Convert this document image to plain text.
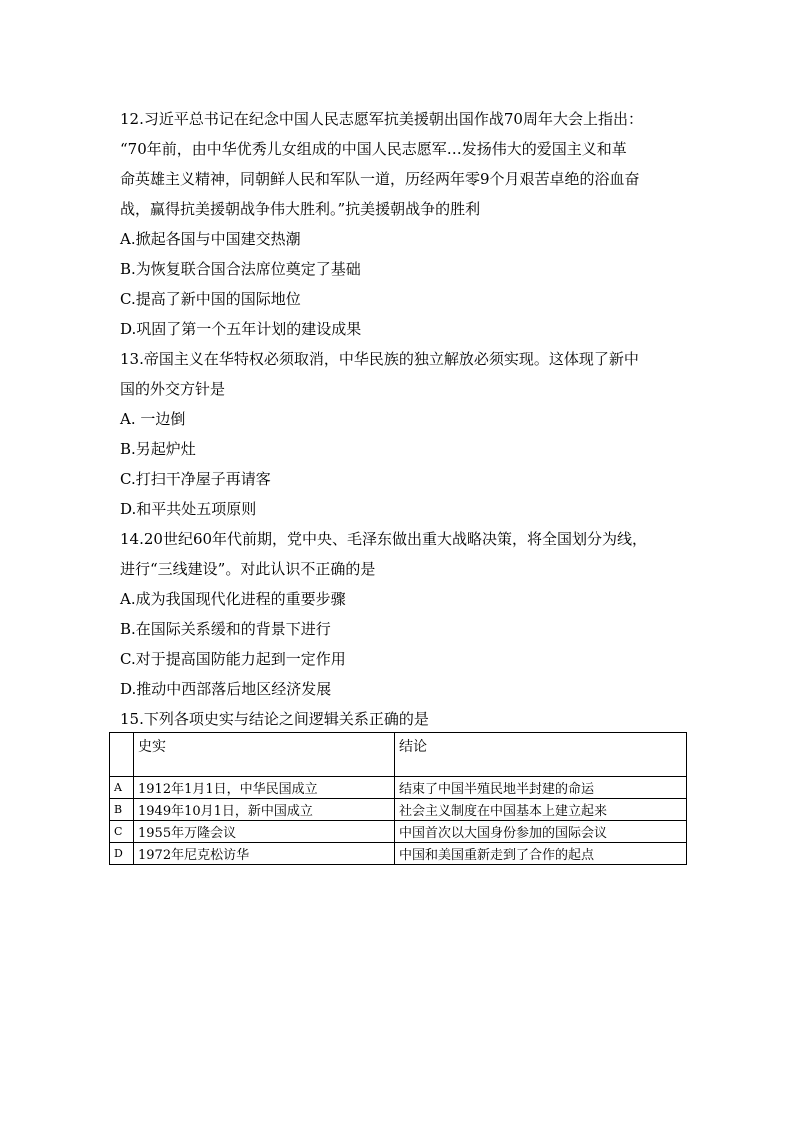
12.习近平总书记在纪念中国人民志愿军抗美援朝出国作战70周年大会上指出：

“70年前，由中华优秀儿女组成的中国人民志愿军…发扬伟大的爱国主义和革

命英雄主义精神，同朝鲜人民和军队一道，历经两年零9个月艰苦卓绝的浴血奋

战，赢得抗美援朝战争伟大胜利。”抗美援朝战争的胜利

A.掀起各国与中国建交热潮

B.为恢复联合国合法席位奠定了基础

C.提高了新中国的国际地位

D.巩固了第一个五年计划的建设成果

13.帝国主义在华特权必须取消，中华民族的独立解放必须实现。这体现了新中

国的外交方针是

A. 一边倒

B.另起炉灶

C.打扫干净屋子再请客

D.和平共处五项原则

14.20世纪60年代前期，党中央、毛泽东做出重大战略决策，将全国划分为线，

进行“三线建设”。对此认识不正确的是

A.成为我国现代化进程的重要步骤

B.在国际关系缓和的背景下进行

C.对于提高国防能力起到一定作用

D.推动中西部落后地区经济发展

15.下列各项史实与结论之间逻辑关系正确的是

	史实	结论
A	1912年1月1日，中华民国成立	结束了中国半殖民地半封建的命运
B	1949年10月1日，新中国成立	社会主义制度在中国基本上建立起来
C	1955年万隆会议	中国首次以大国身份参加的国际会议
D	1972年尼克松访华	中国和美国重新走到了合作的起点
